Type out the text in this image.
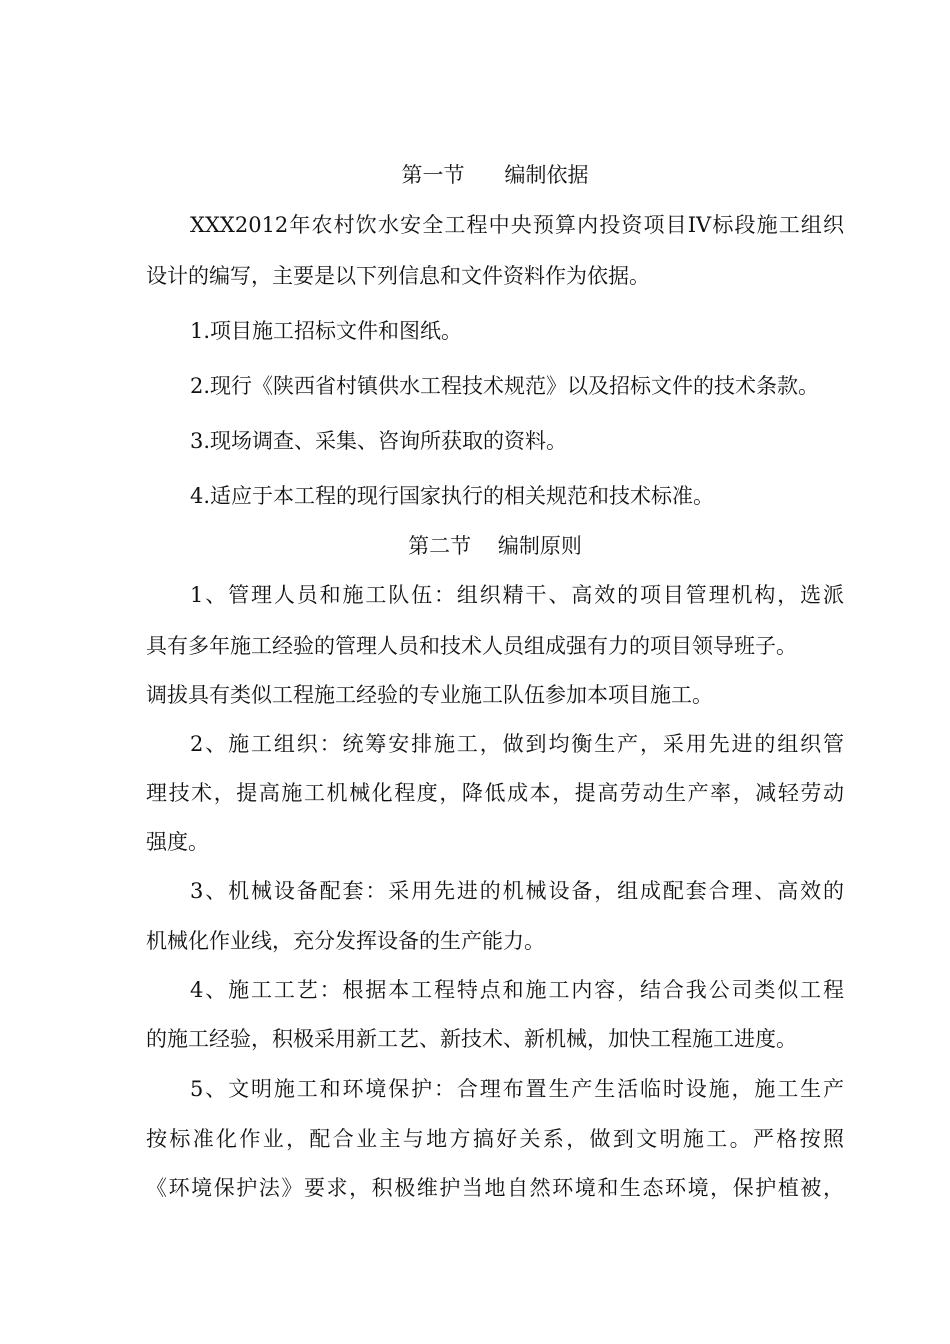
第一节      编制依据
XXX2012年农村饮水安全工程中央预算内投资项目IV标段施工组织
设计的编写，主要是以下列信息和文件资料作为依据。
1.项目施工招标文件和图纸。
2.现行《陕西省村镇供水工程技术规范》以及招标文件的技术条款。
3.现场调查、采集、咨询所获取的资料。
4.适应于本工程的现行国家执行的相关规范和技术标准。
第二节    编制原则
1、管理人员和施工队伍：组织精干、高效的项目管理机构，选派
具有多年施工经验的管理人员和技术人员组成强有力的项目领导班子。
调拔具有类似工程施工经验的专业施工队伍参加本项目施工。
2、施工组织：统筹安排施工，做到均衡生产，采用先进的组织管
理技术，提高施工机械化程度，降低成本，提高劳动生产率，减轻劳动
强度。
3、机械设备配套：采用先进的机械设备，组成配套合理、高效的
机械化作业线，充分发挥设备的生产能力。
4、施工工艺：根据本工程特点和施工内容，结合我公司类似工程
的施工经验，积极采用新工艺、新技术、新机械，加快工程施工进度。
5、文明施工和环境保护：合理布置生产生活临时设施，施工生产
按标准化作业，配合业主与地方搞好关系，做到文明施工。严格按照
《环境保护法》要求，积极维护当地自然环境和生态环境，保护植被，
